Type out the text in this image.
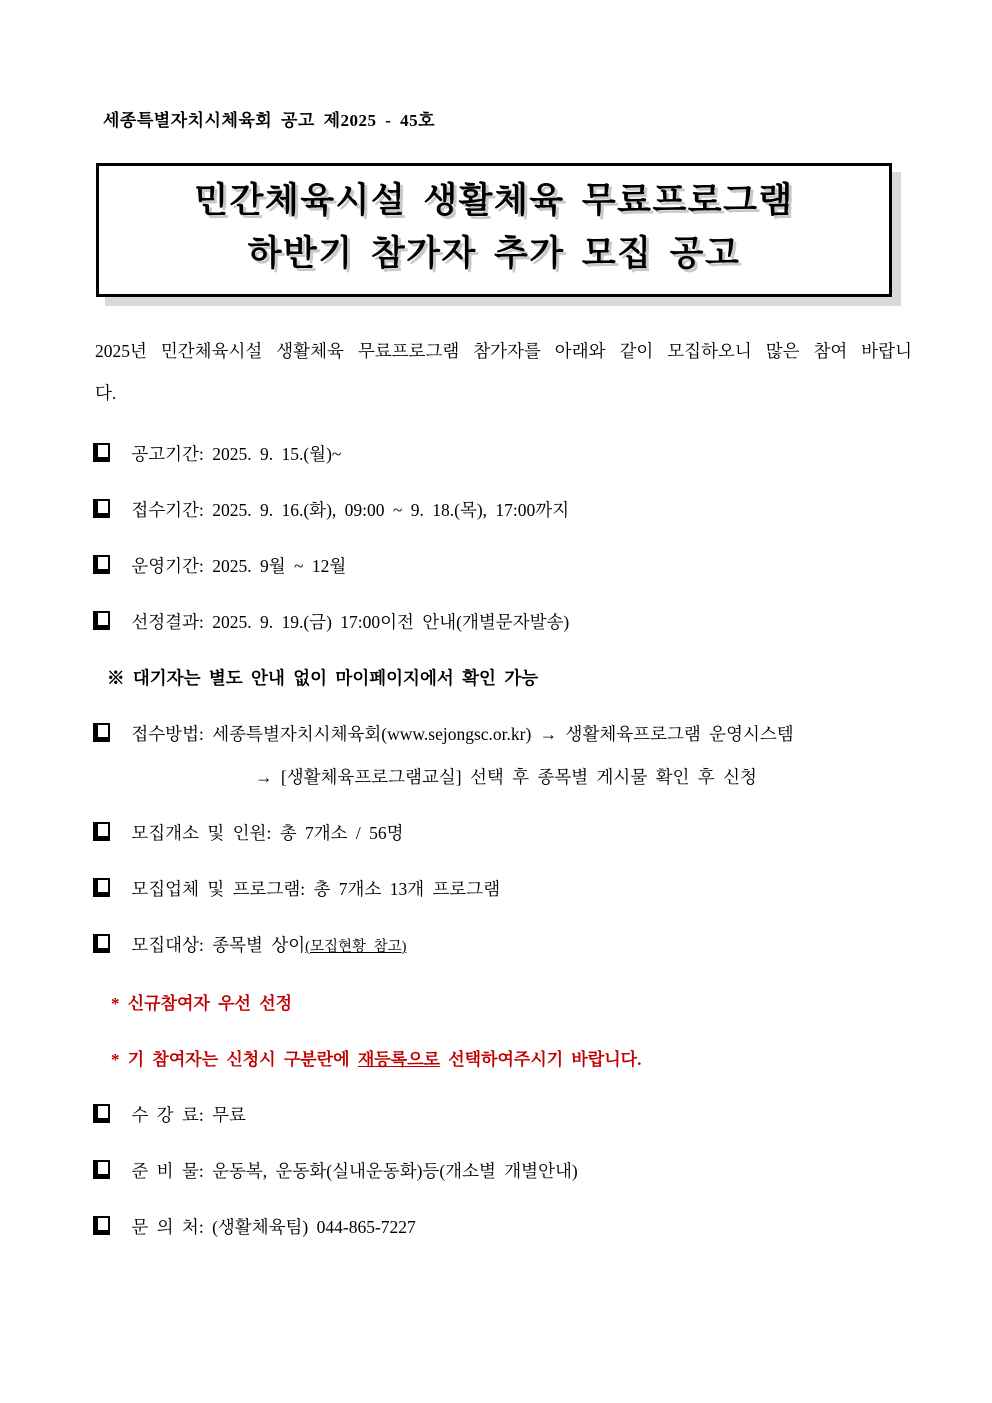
세종특별자치시체육회 공고 제2025 - 45호
민간체육시설 생활체육 무료프로그램
하반기 참가자 추가 모집 공고
2025년 민간체육시설 생활체육 무료프로그램 참가자를 아래와 같이 모집하오니 많은 참여 바랍니
다.
공고기간: 2025. 9. 15.(월)~
접수기간: 2025. 9. 16.(화), 09:00 ~ 9. 18.(목), 17:00까지
운영기간: 2025. 9월 ~ 12월
선정결과: 2025. 9. 19.(금) 17:00이전 안내(개별문자발송)
※ 대기자는 별도 안내 없이 마이페이지에서 확인 가능
접수방법: 세종특별자치시체육회(www.sejongsc.or.kr) → 생활체육프로그램 운영시스템
→ [생활체육프로그램교실] 선택 후 종목별 게시물 확인 후 신청
모집개소 및 인원: 총 7개소 / 56명
모집업체 및 프로그램: 총 7개소 13개 프로그램
모집대상: 종목별 상이(모집현황 참고)
* 신규참여자 우선 선정
* 기 참여자는 신청시 구분란에 재등록으로 선택하여주시기 바랍니다.
수 강 료: 무료
준 비 물: 운동복, 운동화(실내운동화)등(개소별 개별안내)
문 의 처: (생활체육팀) 044-865-7227
